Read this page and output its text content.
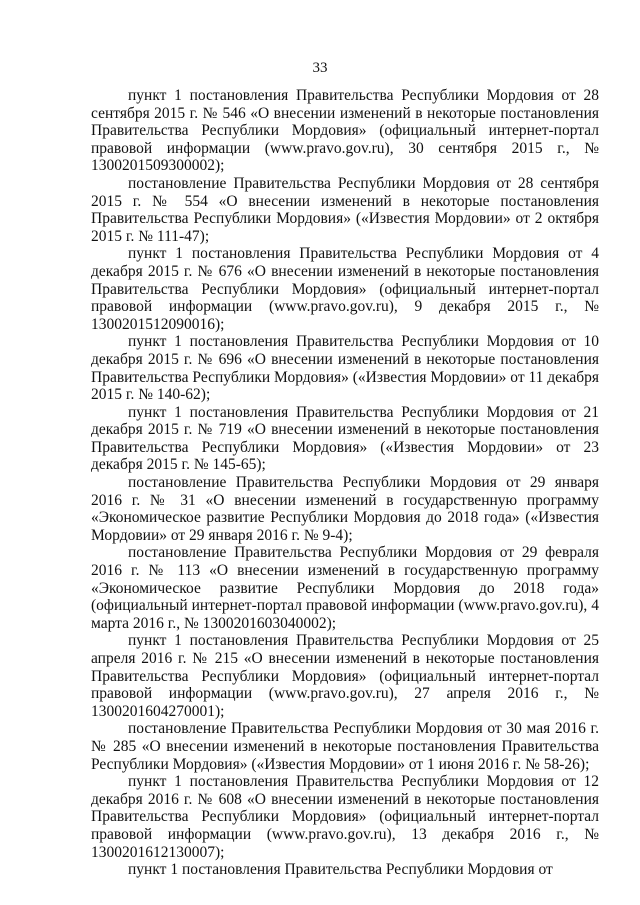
33

пункт 1 постановления Правительства Республики Мордовия от 28 сентября 2015 г. № 546 «О внесении изменений в некоторые постановления Правительства Республики Мордовия» (официальный интернет-портал правовой информации (www.pravo.gov.ru), 30 сентября 2015 г., № 1300201509300002);

постановление Правительства Республики Мордовия от 28 сентября 2015 г. № 554 «О внесении изменений в некоторые постановления Правительства Республики Мордовия» («Известия Мордовии» от 2 октября 2015 г. № 111-47);

пункт 1 постановления Правительства Республики Мордовия от 4 декабря 2015 г. № 676 «О внесении изменений в некоторые постановления Правительства Республики Мордовия» (официальный интернет-портал правовой информации (www.pravo.gov.ru), 9 декабря 2015 г., № 1300201512090016);

пункт 1 постановления Правительства Республики Мордовия от 10 декабря 2015 г. № 696 «О внесении изменений в некоторые постановления Правительства Республики Мордовия» («Известия Мордовии» от 11 декабря 2015 г. № 140-62);

пункт 1 постановления Правительства Республики Мордовия от 21 декабря 2015 г. № 719 «О внесении изменений в некоторые постановления Правительства Республики Мордовия» («Известия Мордовии» от 23 декабря 2015 г. № 145-65);

постановление Правительства Республики Мордовия от 29 января 2016 г. № 31 «О внесении изменений в государственную программу «Экономическое развитие Республики Мордовия до 2018 года» («Известия Мордовии» от 29 января 2016 г. № 9-4);

постановление Правительства Республики Мордовия от 29 февраля 2016 г. № 113 «О внесении изменений в государственную программу «Экономическое развитие Республики Мордовия до 2018 года» (официальный интернет-портал правовой информации (www.pravo.gov.ru), 4 марта 2016 г., № 1300201603040002);

пункт 1 постановления Правительства Республики Мордовия от 25 апреля 2016 г. № 215 «О внесении изменений в некоторые постановления Правительства Республики Мордовия» (официальный интернет-портал правовой информации (www.pravo.gov.ru), 27 апреля 2016 г., № 1300201604270001);

постановление Правительства Республики Мордовия от 30 мая 2016 г. № 285 «О внесении изменений в некоторые постановления Правительства Республики Мордовия» («Известия Мордовии» от 1 июня 2016 г. № 58-26);

пункт 1 постановления Правительства Республики Мордовия от 12 декабря 2016 г. № 608 «О внесении изменений в некоторые постановления Правительства Республики Мордовия» (официальный интернет-портал правовой информации (www.pravo.gov.ru), 13 декабря 2016 г., № 1300201612130007);

пункт 1 постановления Правительства Республики Мордовия от
